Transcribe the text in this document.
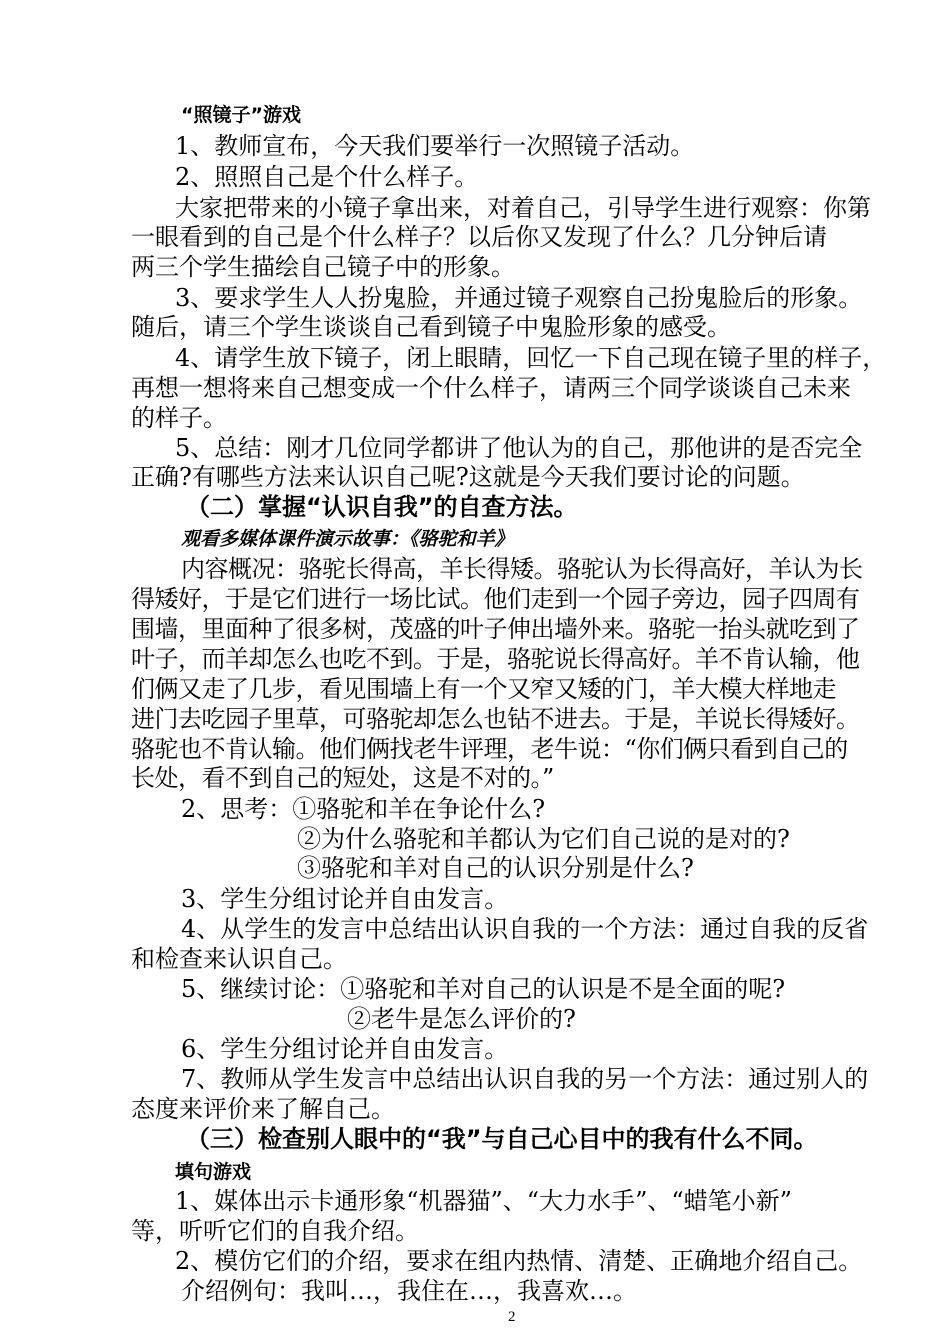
“照镜子”游戏
1、教师宣布，今天我们要举行一次照镜子活动。
2、照照自己是个什么样子。
大家把带来的小镜子拿出来，对着自己，引导学生进行观察：你第
一眼看到的自己是个什么样子？以后你又发现了什么？几分钟后请
两三个学生描绘自己镜子中的形象。
3、要求学生人人扮鬼脸，并通过镜子观察自己扮鬼脸后的形象。
随后，请三个学生谈谈自己看到镜子中鬼脸形象的感受。
4、请学生放下镜子，闭上眼睛，回忆一下自己现在镜子里的样子，
再想一想将来自己想变成一个什么样子，请两三个同学谈谈自己未来
的样子。
5、总结：刚才几位同学都讲了他认为的自己，那他讲的是否完全
正确?有哪些方法来认识自己呢?这就是今天我们要讨论的问题。
（二）掌握“认识自我”的自查方法。
观看多媒体课件演示故事：《骆驼和羊》
内容概况：骆驼长得高，羊长得矮。骆驼认为长得高好，羊认为长
得矮好，于是它们进行一场比试。他们走到一个园子旁边，园子四周有
围墙，里面种了很多树，茂盛的叶子伸出墙外来。骆驼一抬头就吃到了
叶子，而羊却怎么也吃不到。于是，骆驼说长得高好。羊不肯认输，他
们俩又走了几步，看见围墙上有一个又窄又矮的门，羊大模大样地走
进门去吃园子里草，可骆驼却怎么也钻不进去。于是，羊说长得矮好。
骆驼也不肯认输。他们俩找老牛评理，老牛说：“你们俩只看到自己的
长处，看不到自己的短处，这是不对的。”
2、思考：①骆驼和羊在争论什么?
②为什么骆驼和羊都认为它们自己说的是对的?
③骆驼和羊对自己的认识分别是什么?
3、学生分组讨论并自由发言。
4、从学生的发言中总结出认识自我的一个方法：通过自我的反省
和检查来认识自己。
5、继续讨论：①骆驼和羊对自己的认识是不是全面的呢?
②老牛是怎么评价的?
6、学生分组讨论并自由发言。
7、教师从学生发言中总结出认识自我的另一个方法：通过别人的
态度来评价来了解自己。
（三）检查别人眼中的“我”与自己心目中的我有什么不同。
填句游戏
1、媒体出示卡通形象“机器猫”、“大力水手”、“蜡笔小新”
等，听听它们的自我介绍。
2、模仿它们的介绍，要求在组内热情、清楚、正确地介绍自己。
介绍例句：我叫…，我住在…，我喜欢…。
2
